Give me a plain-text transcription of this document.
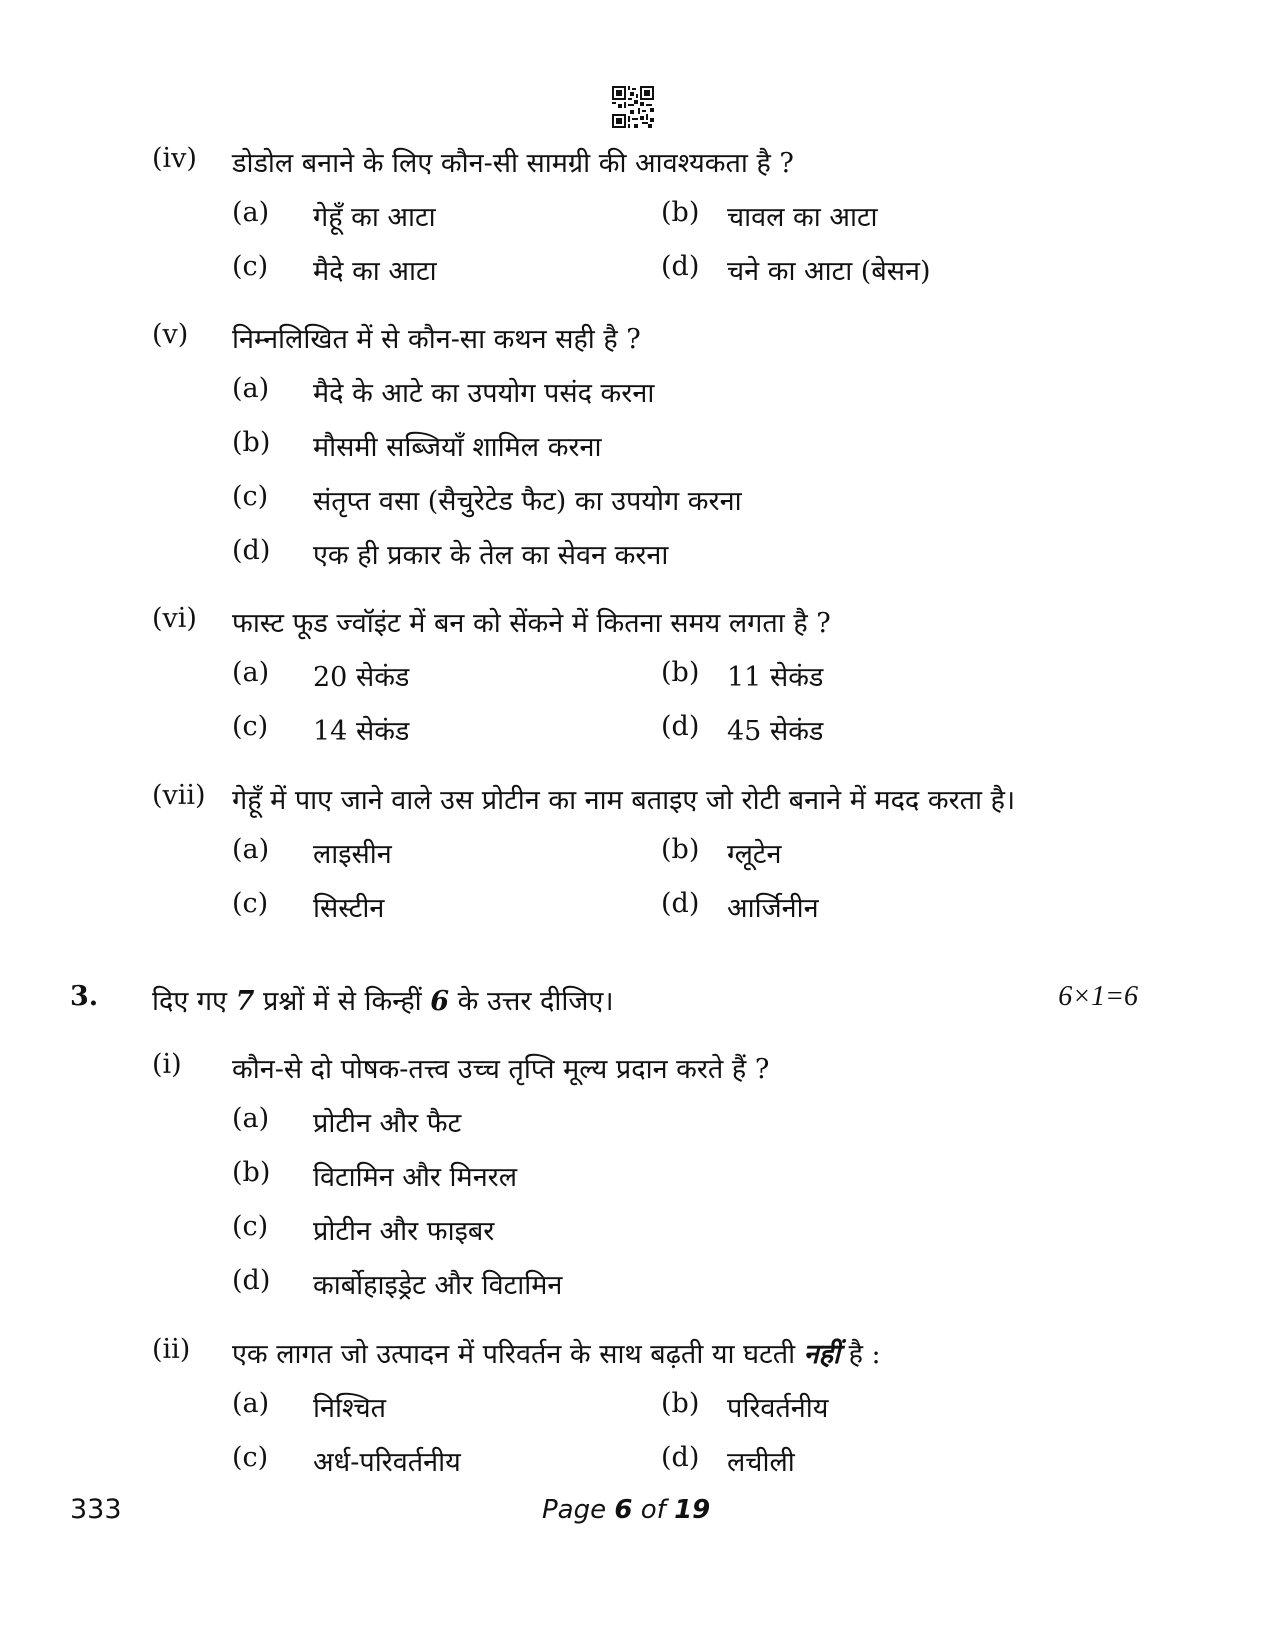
(iv) डोडोल बनाने के लिए कौन-सी सामग्री की आवश्यकता है ?
(a) गेहूँ का आटा	(b) चावल का आटा
(c) मैदे का आटा	(d) चने का आटा (बेसन)
(v) निम्नलिखित में से कौन-सा कथन सही है ?
(a) मैदे के आटे का उपयोग पसंद करना
(b) मौसमी सब्जियाँ शामिल करना
(c) संतृप्त वसा (सैचुरेटेड फैट) का उपयोग करना
(d) एक ही प्रकार के तेल का सेवन करना
(vi) फास्ट फूड ज्वॉइंट में बन को सेंकने में कितना समय लगता है ?
(a) 20 सेकंड	(b) 11 सेकंड
(c) 14 सेकंड	(d) 45 सेकंड
(vii) गेहूँ में पाए जाने वाले उस प्रोटीन का नाम बताइए जो रोटी बनाने में मदद करता है।
(a) लाइसीन	(b) ग्लूटेन
(c) सिस्टीन	(d) आर्जिनीन
3. दिए गए 7 प्रश्नों में से किन्हीं 6 के उत्तर दीजिए।	6×1=6
(i) कौन-से दो पोषक-तत्त्व उच्च तृप्ति मूल्य प्रदान करते हैं ?
(a) प्रोटीन और फैट
(b) विटामिन और मिनरल
(c) प्रोटीन और फाइबर
(d) कार्बोहाइड्रेट और विटामिन
(ii) एक लागत जो उत्पादन में परिवर्तन के साथ बढ़ती या घटती नहीं है :
(a) निश्चित	(b) परिवर्तनीय
(c) अर्ध-परिवर्तनीय	(d) लचीली
333	Page 6 of 19
